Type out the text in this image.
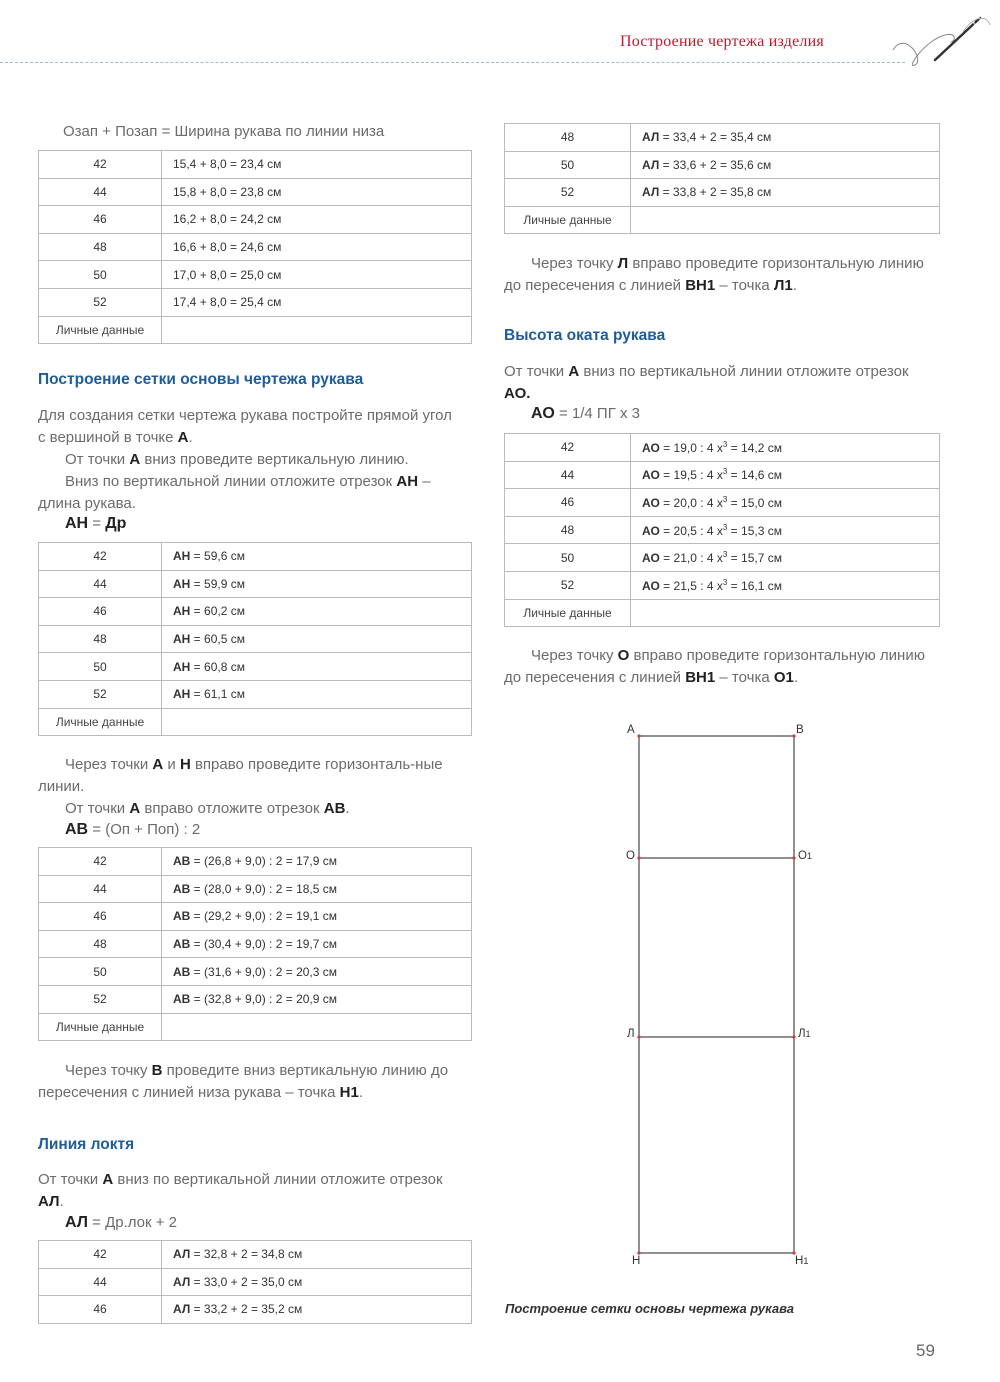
Построение чертежа изделия
Озап + Позап = Ширина рукава по линии низа
42	15,4 + 8,0 = 23,4 см
44	15,8 + 8,0 = 23,8 см
46	16,2 + 8,0 = 24,2 см
48	16,6 + 8,0 = 24,6 см
50	17,0 + 8,0 = 25,0 см
52	17,4 + 8,0 = 25,4 см
Личные данные	
Построение сетки основы чертежа рукава
Для создания сетки чертежа рукава постройте прямой угол с вершиной в точке А.
От точки А вниз проведите вертикальную линию.
Вниз по вертикальной линии отложите отрезок АН – длина рукава.
АН = Др
42	АН = 59,6 см
44	АН = 59,9 см
46	АН = 60,2 см
48	АН = 60,5 см
50	АН = 60,8 см
52	АН = 61,1 см
Личные данные	
Через точки А и Н вправо проведите горизонталь-ные линии.
От точки А вправо отложите отрезок АВ.
АВ = (Оп + Поп) : 2
42	АВ = (26,8 + 9,0) : 2 = 17,9 см
44	АВ = (28,0 + 9,0) : 2 = 18,5 см
46	АВ = (29,2 + 9,0) : 2 = 19,1 см
48	АВ = (30,4 + 9,0) : 2 = 19,7 см
50	АВ = (31,6 + 9,0) : 2 = 20,3 см
52	АВ = (32,8 + 9,0) : 2 = 20,9 см
Личные данные	
Через точку В проведите вниз вертикальную линию до пересечения с линией низа рукава – точка Н1.
Линия локтя
От точки А вниз по вертикальной линии отложите отрезок АЛ.
АЛ = Др.лок + 2
42	АЛ = 32,8 + 2 = 34,8 см
44	АЛ = 33,0 + 2 = 35,0 см
46	АЛ = 33,2 + 2 = 35,2 см
48	АЛ = 33,4 + 2 = 35,4 см
50	АЛ = 33,6 + 2 = 35,6 см
52	АЛ = 33,8 + 2 = 35,8 см
Личные данные	
Через точку Л вправо проведите горизонтальную линию до пересечения с линией ВН1 – точка Л1.
Высота оката рукава
От точки А вниз по вертикальной линии отложите отрезок АО.
АО = 1/4 ПГ х 3
42	АО = 19,0 : 4 $х^3 = 14,2$ см
44	АО = 19,5 : 4 $х^3 = 14,6$ см
46	АО = 20,0 : 4 $х^3 = 15,0$ см
48	АО = 20,5 : 4 $х^3 = 15,3$ см
50	АО = 21,0 : 4 $х^3 = 15,7$ см
52	АО = 21,5 : 4 $х^3 = 16,1$ см
Личные данные	
Через точку О вправо проведите горизонтальную линию до пересечения с линией ВН1 – точка О1.
А	В
О	О1
Л	Л1
Н	Н1
Построение сетки основы чертежа рукава
59
